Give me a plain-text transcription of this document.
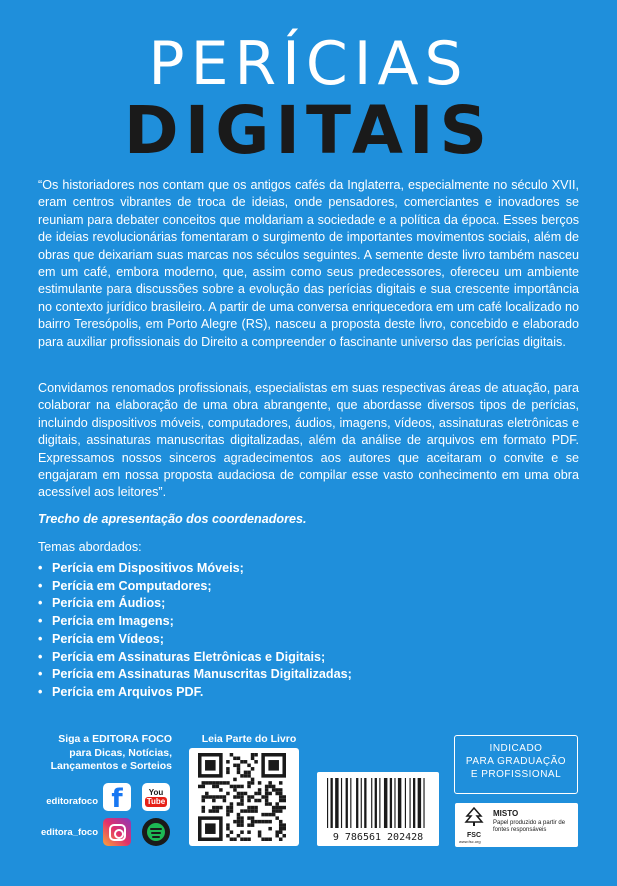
PERÍCIAS
DIGITAIS

“Os historiadores nos contam que os antigos cafés da Inglaterra, especialmente no século XVII, eram centros vibrantes de troca de ideias, onde pensadores, comerciantes e inovadores se reuniam para debater conceitos que moldariam a sociedade e a política da época. Esses berços de ideias revolucionárias fomentaram o surgimento de importantes movimentos sociais, além de obras que deixariam suas marcas nos séculos seguintes. A semente deste livro também nasceu em um café, embora moderno, que, assim como seus predecessores, ofereceu um ambiente estimulante para discussões sobre a evolução das perícias digitais e sua crescente importância no contexto jurídico brasileiro. A partir de uma conversa enriquecedora em um café localizado no bairro Teresópolis, em Porto Alegre (RS), nasceu a proposta deste livro, concebido e elaborado para auxiliar profissionais do Direito a compreender o fascinante universo das perícias digitais.

Convidamos renomados profissionais, especialistas em suas respectivas áreas de atuação, para colaborar na elaboração de uma obra abrangente, que abordasse diversos tipos de perícias, incluindo dispositivos móveis, computadores, áudios, imagens, vídeos, assinaturas eletrônicas e digitais, assinaturas manuscritas digitalizadas, além da análise de arquivos em formato PDF. Expressamos nossos sinceros agradecimentos aos autores que aceitaram o convite e se engajaram em nossa proposta audaciosa de compilar esse vasto conhecimento em uma obra acessível aos leitores”.

Trecho de apresentação dos coordenadores.
Temas abordados:
• Perícia em Dispositivos Móveis;
• Perícia em Computadores;
• Perícia em Áudios;
• Perícia em Imagens;
• Perícia em Vídeos;
• Perícia em Assinaturas Eletrônicas e Digitais;
• Perícia em Assinaturas Manuscritas Digitalizadas;
• Perícia em Arquivos PDF.
Siga a EDITORA FOCO
para Dicas, Notícias,
Lançamentos e Sorteios
editorafoco
editora_foco
f	You
Tube
Leia Parte do Livro
9 786561 202428
INDICADO
PARA GRADUAÇÃO
E PROFISSIONAL
FSC
MISTO
Papel produzido a partir de fontes responsáveis
www.fsc.org
